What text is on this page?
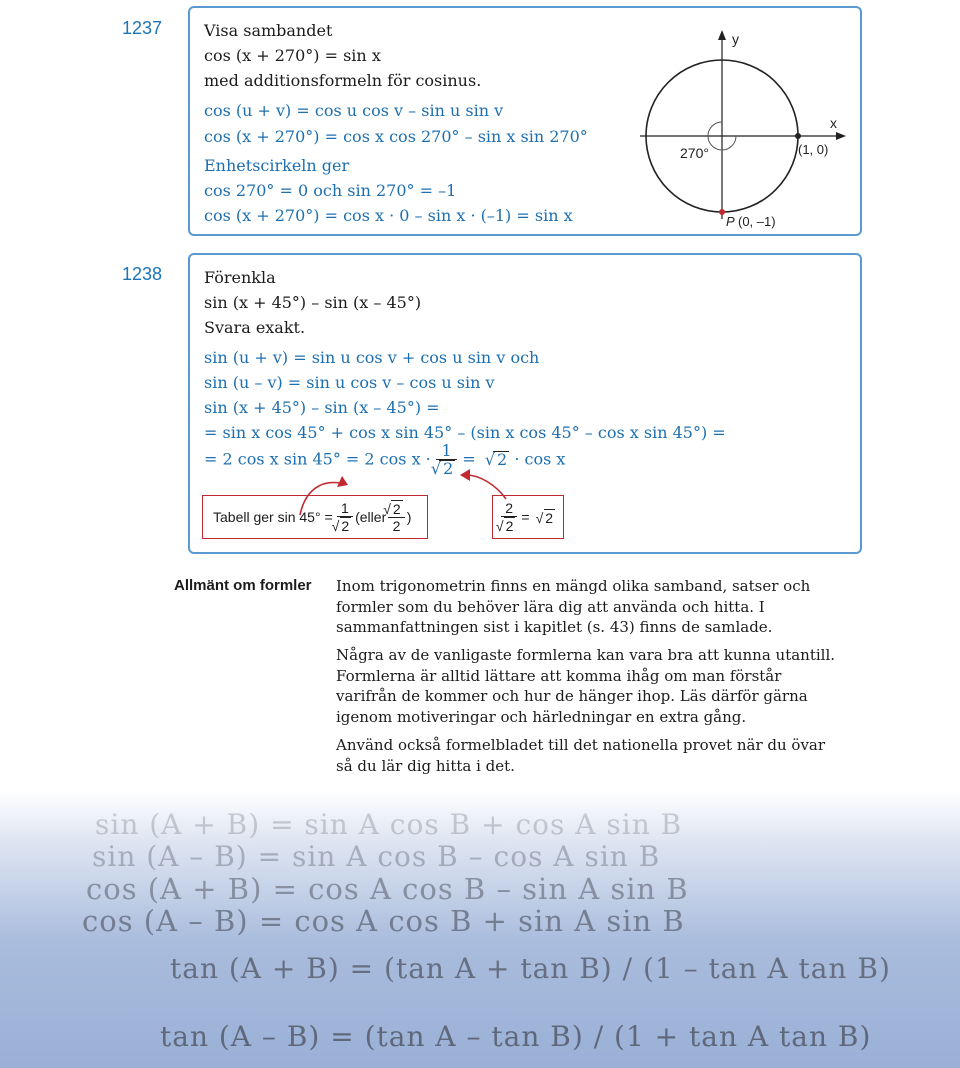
1237	Visa sambandet
cos (x + 270°) = sin x
med additionsformeln för cosinus.
cos (u + v) = cos u cos v – sin u sin v
cos (x + 270°) = cos x cos 270° – sin x sin 270°
Enhetscirkeln ger
cos 270° = 0 och sin 270° = –1
cos (x + 270°) = cos x · 0 – sin x · (–1) = sin x
y
x
270°	(1, 0)
P (0, –1)
1238	Förenkla
sin (x + 45°) – sin (x – 45°)
Svara exakt.
sin (u + v) = sin u cos v + cos u sin v och
sin (u – v) = sin u cos v – cos u sin v
sin (x + 45°) – sin (x – 45°) =
= sin x cos 45° + cos x sin 45° – (sin x cos 45° – cos x sin 45°) =
= 2 cos x sin 45° = 2 cos x · 1
√ 2 = √ 2 · cos x
Tabell ger sin 45° = 1
√ 2 (eller √ $\frac{2}{2}$ )	2
√ 2 = √ 2
Allmänt om formler Inom trigonometrin finns en mängd olika samband, satser och formler som du behöver lära dig att använda och hitta. I sammanfattningen sist i kapitlet (s. 43) finns de samlade.
Några av de vanligaste formlerna kan vara bra att kunna utantill. Formlerna är alltid lättare att komma ihåg om man förstår varifrån de kommer och hur de hänger ihop. Läs därför gärna igenom motiveringar och härledningar en extra gång.
Använd också formelbladet till det nationella provet när du övar så du lär dig hitta i det.
sin (A + B) = sin A cos B + cos A sin B
sin (A – B) = sin A cos B – cos A sin B
cos (A + B) = cos A cos B – sin A sin B
cos (A – B) = cos A cos B + sin A sin B
tan (A + B) = (tan A + tan B) / (1 – tan A tan B)
tan (A – B) = (tan A – tan B) / (1 + tan A tan B)
